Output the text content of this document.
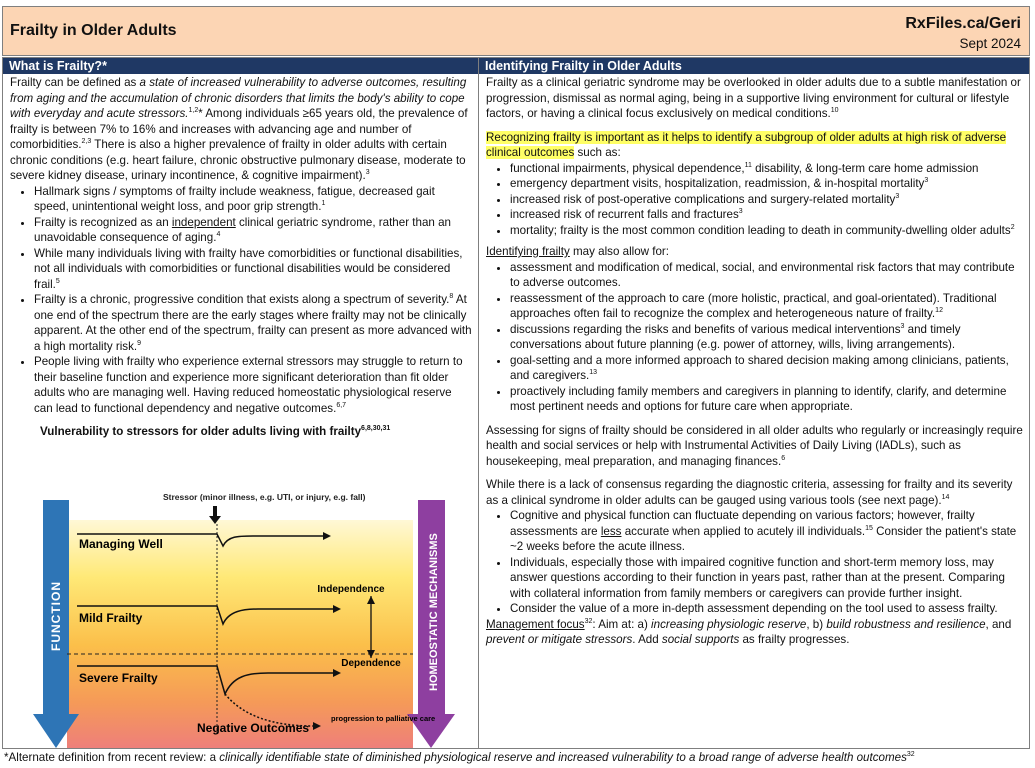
Frailty in Older Adults	RxFiles.ca/Geri
Sept 2024
What is Frailty?*

Frailty can be defined as a state of increased vulnerability to adverse outcomes, resulting from aging and the accumulation of chronic disorders that limits the body's ability to cope with everyday and acute stressors.$^{1,2}$* Among individuals ≥65 years old, the prevalence of frailty is between 7% to 16% and increases with advancing age and number of comorbidities.$^{2,3}$ There is also a higher prevalence of frailty in older adults with certain chronic conditions (e.g. heart failure, chronic obstructive pulmonary disease, moderate to severe kidney disease, urinary incontinence, & cognitive impairment).$^3$

• Hallmark signs / symptoms of frailty include weakness, fatigue, decreased gait speed, unintentional weight loss, and poor grip strength.$^1$
• Frailty is recognized as an independent clinical geriatric syndrome, rather than an unavoidable consequence of aging.$^4$
• While many individuals living with frailty have comorbidities or functional disabilities, not all individuals with comorbidities or functional disabilities would be considered frail.$^5$
• Frailty is a chronic, progressive condition that exists along a spectrum of severity.$^8$ At one end of the spectrum there are the early stages where frailty may not be clinically apparent. At the other end of the spectrum, frailty can present as more advanced with a high mortality risk.$^9$
• People living with frailty who experience external stressors may struggle to return to their baseline function and experience more significant deterioration than fit older adults who are managing well. Having reduced homeostatic physiological reserve can lead to functional dependency and negative outcomes.$^{6,7}$
Vulnerability to stressors for older adults living with frailty$^{6,8,30,31}$
FUNCTION	HOMEOSTATIC MECHANISMS
Stressor (minor illness, e.g. UTI, or injury, e.g. fall)
Managing Well
Mild Frailty
Severe Frailty
Negative Outcomes
progression to palliative care
Independence
Dependence
Identifying Frailty in Older Adults

Frailty as a clinical geriatric syndrome may be overlooked in older adults due to a subtle manifestation or progression, dismissal as normal aging, being in a supportive living environment for cultural or lifestyle factors, or having a clinical focus exclusively on medical conditions.$^{10}$

Recognizing frailty is important as it helps to identify a subgroup of older adults at high risk of adverse clinical outcomes such as:

• functional impairments, physical dependence,$^{11}$ disability, & long-term care home admission
• emergency department visits, hospitalization, readmission, & in-hospital mortality$^3$
• increased risk of post-operative complications and surgery-related mortality$^3$
• increased risk of recurrent falls and fractures$^3$
• mortality; frailty is the most common condition leading to death in community-dwelling older adults$^2$

Identifying frailty may also allow for:

• assessment and modification of medical, social, and environmental risk factors that may contribute to adverse outcomes.
• reassessment of the approach to care (more holistic, practical, and goal-orientated). Traditional approaches often fail to recognize the complex and heterogeneous nature of frailty.$^{12}$
• discussions regarding the risks and benefits of various medical interventions$^3$ and timely conversations about future planning (e.g. power of attorney, wills, living arrangements).
• goal-setting and a more informed approach to shared decision making among clinicians, patients, and caregivers.$^{13}$
• proactively including family members and caregivers in planning to identify, clarify, and determine most pertinent needs and options for future care when appropriate.

Assessing for signs of frailty should be considered in all older adults who regularly or increasingly require health and social services or help with Instrumental Activities of Daily Living (IADLs), such as housekeeping, meal preparation, and managing finances.$^6$

While there is a lack of consensus regarding the diagnostic criteria, assessing for frailty and its severity as a clinical syndrome in older adults can be gauged using various tools (see next page).$^{14}$

• Cognitive and physical function can fluctuate depending on various factors; however, frailty assessments are less accurate when applied to acutely ill individuals.$^{15}$ Consider the patient's state ~2 weeks before the acute illness.
• Individuals, especially those with impaired cognitive function and short-term memory loss, may answer questions according to their function in years past, rather than at the present. Comparing with collateral information from family members or caregivers can provide further insight.
• Consider the value of a more in-depth assessment depending on the tool used to assess frailty.

Management focus$^{32}$: Aim at: a) increasing physiologic reserve, b) build robustness and resilience, and prevent or mitigate stressors. Add social supports as frailty progresses.

*Alternate definition from recent review: a clinically identifiable state of diminished physiological reserve and increased vulnerability to a broad range of adverse health outcomes$^{32}$
